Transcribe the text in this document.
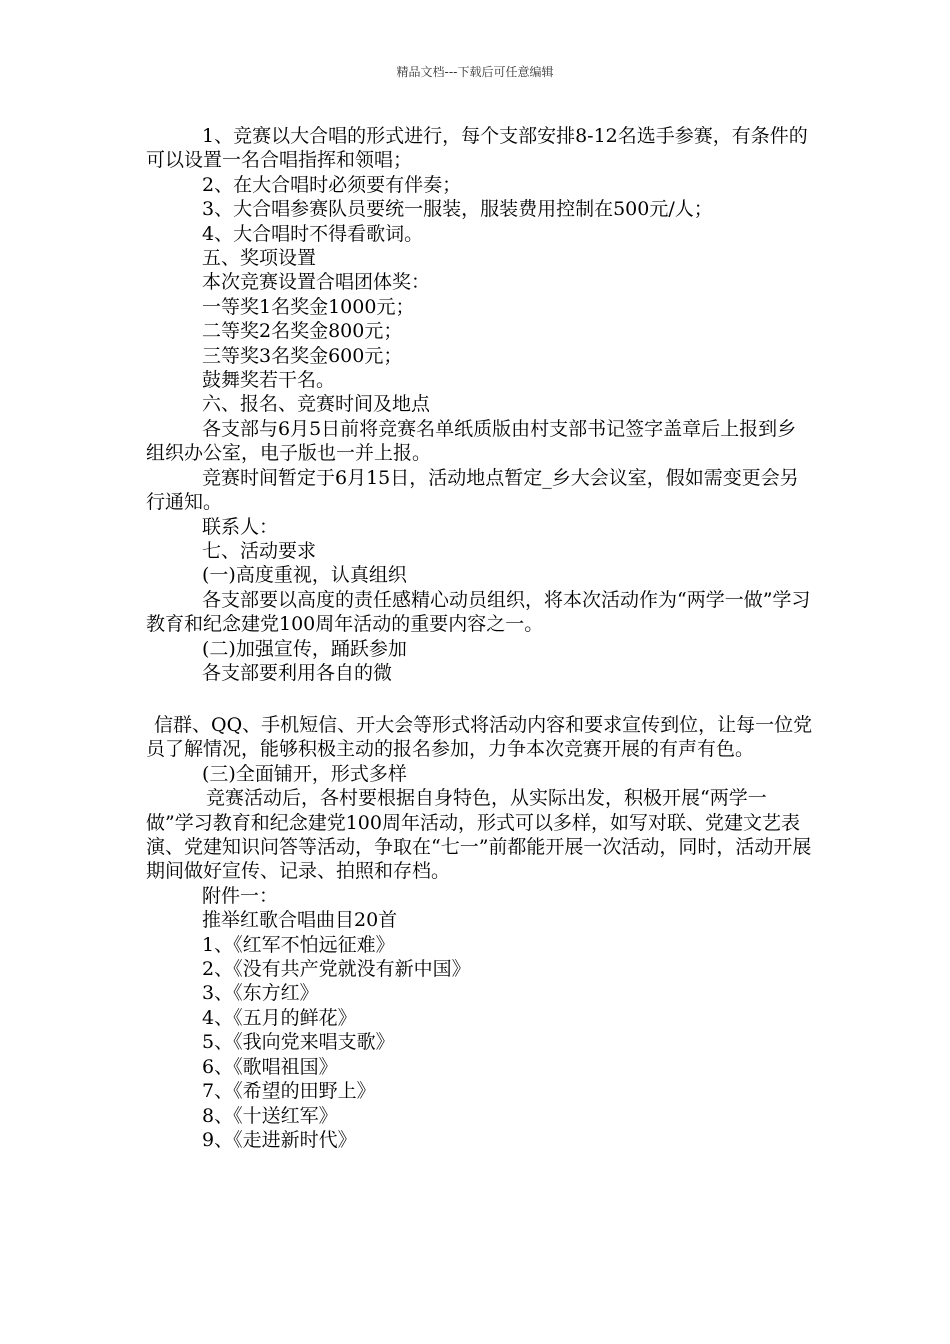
精品文档---下载后可任意编辑

1、竞赛以大合唱的形式进行，每个支部安排8-12名选手参赛，有条件的可以设置一名合唱指挥和领唱；

2、在大合唱时必须要有伴奏；

3、大合唱参赛队员要统一服装，服装费用控制在500元/人；

4、大合唱时不得看歌词。

五、奖项设置

本次竞赛设置合唱团体奖：

一等奖1名奖金1000元；

二等奖2名奖金800元；

三等奖3名奖金600元；

鼓舞奖若干名。

六、报名、竞赛时间及地点

各支部与6月5日前将竞赛名单纸质版由村支部书记签字盖章后上报到乡组织办公室，电子版也一并上报。

竞赛时间暂定于6月15日，活动地点暂定_乡大会议室，假如需变更会另行通知。

联系人：

七、活动要求

(一)高度重视，认真组织

各支部要以高度的责任感精心动员组织，将本次活动作为“两学一做”学习教育和纪念建党100周年活动的重要内容之一。

(二)加强宣传，踊跃参加

各支部要利用各自的微

信群、QQ、手机短信、开大会等形式将活动内容和要求宣传到位，让每一位党员了解情况，能够积极主动的报名参加，力争本次竞赛开展的有声有色。

(三)全面铺开，形式多样

竞赛活动后，各村要根据自身特色，从实际出发，积极开展“两学一做”学习教育和纪念建党100周年活动，形式可以多样，如写对联、党建文艺表演、党建知识问答等活动，争取在“七一”前都能开展一次活动，同时，活动开展期间做好宣传、记录、拍照和存档。

附件一：

推举红歌合唱曲目20首

1、《红军不怕远征难》

2、《没有共产党就没有新中国》

3、《东方红》

4、《五月的鲜花》

5、《我向党来唱支歌》

6、《歌唱祖国》

7、《希望的田野上》

8、《十送红军》

9、《走进新时代》
